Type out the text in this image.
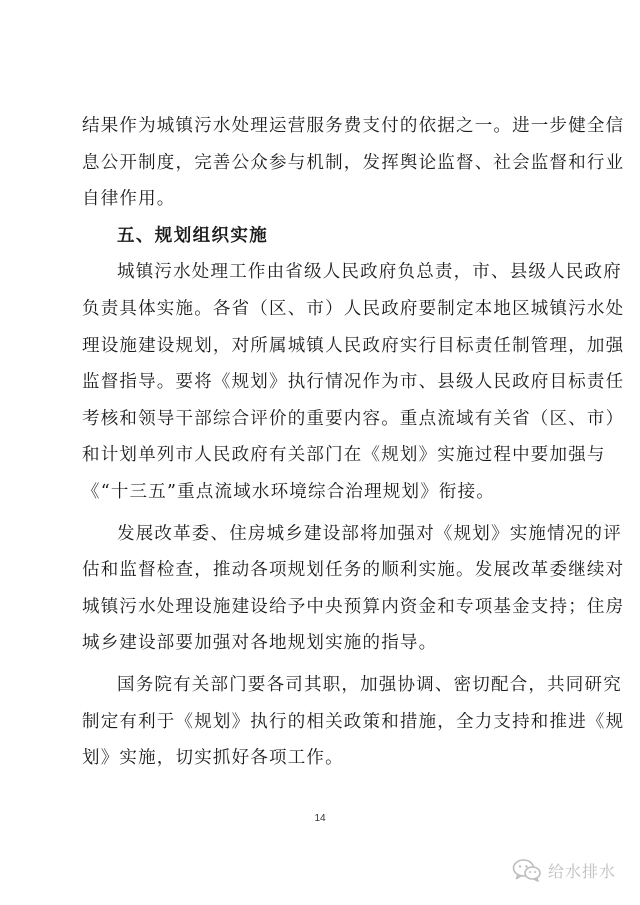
结果作为城镇污水处理运营服务费支付的依据之一。进一步健全信
息公开制度，完善公众参与机制，发挥舆论监督、社会监督和行业
自律作用。

五、规划组织实施

城镇污水处理工作由省级人民政府负总责，市、县级人民政府
负责具体实施。各省（区、市）人民政府要制定本地区城镇污水处
理设施建设规划，对所属城镇人民政府实行目标责任制管理，加强
监督指导。要将《规划》执行情况作为市、县级人民政府目标责任
考核和领导干部综合评价的重要内容。重点流域有关省（区、市）
和计划单列市人民政府有关部门在《规划》实施过程中要加强与
《“十三五”重点流域水环境综合治理规划》衔接。

发展改革委、住房城乡建设部将加强对《规划》实施情况的评
估和监督检查，推动各项规划任务的顺利实施。发展改革委继续对
城镇污水处理设施建设给予中央预算内资金和专项基金支持；住房
城乡建设部要加强对各地规划实施的指导。

国务院有关部门要各司其职，加强协调、密切配合，共同研究
制定有利于《规划》执行的相关政策和措施，全力支持和推进《规
划》实施，切实抓好各项工作。

14
给水排水
